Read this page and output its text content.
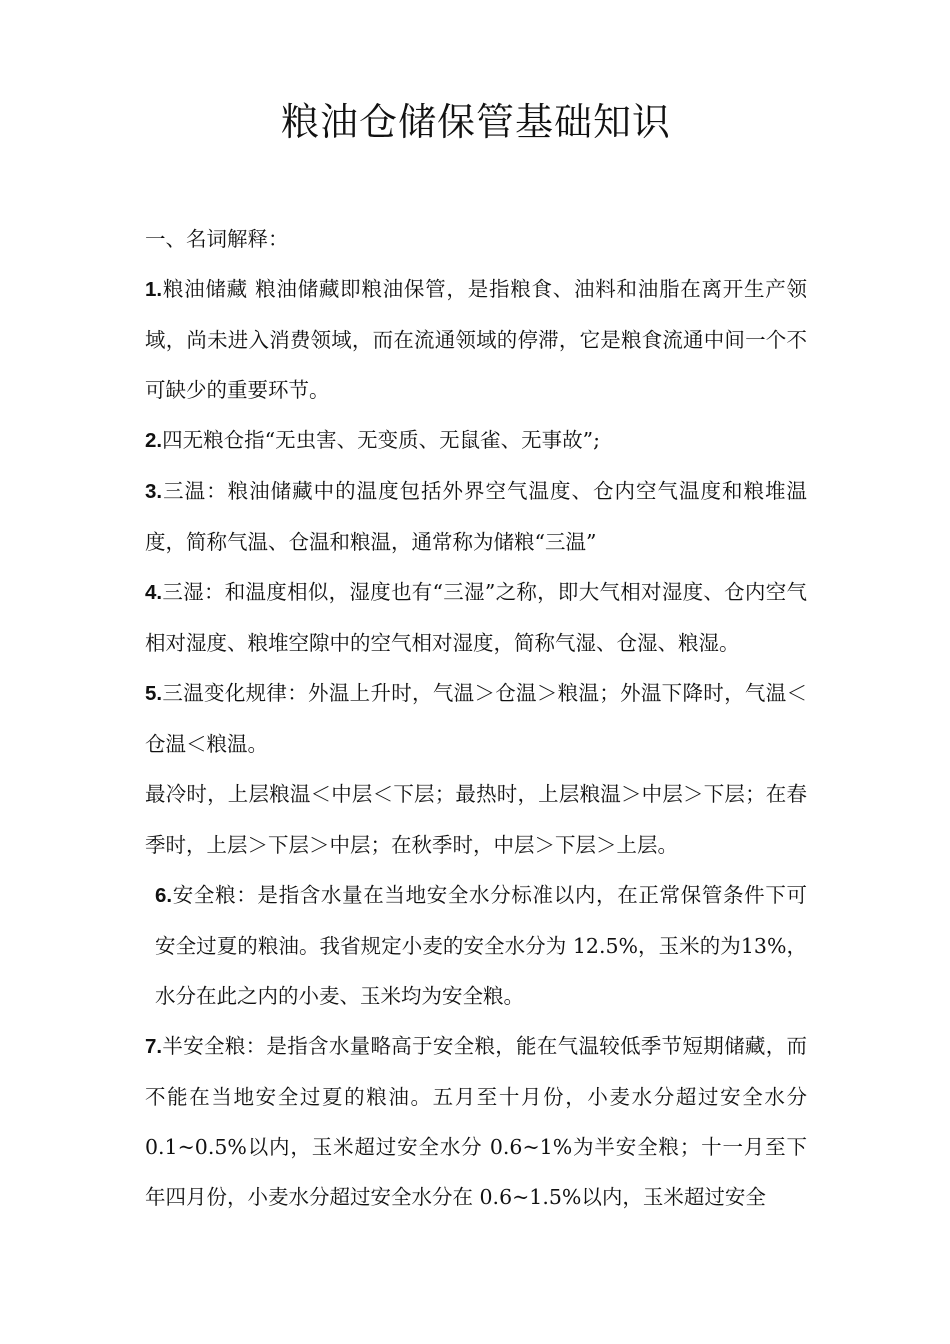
粮油仓储保管基础知识

一、名词解释：

1.粮油储藏 粮油储藏即粮油保管，是指粮食、油料和油脂在离开生产领域，尚未进入消费领域，而在流通领域的停滞，它是粮食流通中间一个不可缺少的重要环节。

2.四无粮仓指“无虫害、无变质、无鼠雀、无事故”;

3.三温：粮油储藏中的温度包括外界空气温度、仓内空气温度和粮堆温度，简称气温、仓温和粮温，通常称为储粮“三温”

4.三湿：和温度相似，湿度也有“三湿”之称，即大气相对湿度、仓内空气相对湿度、粮堆空隙中的空气相对湿度，简称气湿、仓湿、粮湿。

5.三温变化规律：外温上升时，气温＞仓温＞粮温；外温下降时，气温＜仓温＜粮温。

最冷时，上层粮温＜中层＜下层；最热时，上层粮温＞中层＞下层；在春季时，上层＞下层＞中层；在秋季时，中层＞下层＞上层。

6.安全粮：是指含水量在当地安全水分标准以内，在正常保管条件下可安全过夏的粮油。我省规定小麦的安全水分为 12.5%，玉米的为13%，水分在此之内的小麦、玉米均为安全粮。

7.半安全粮：是指含水量略高于安全粮，能在气温较低季节短期储藏，而不能在当地安全过夏的粮油。五月至十月份，小麦水分超过安全水分 0.1~0.5%以内，玉米超过安全水分 0.6~1%为半安全粮；十一月至下年四月份，小麦水分超过安全水分在 0.6~1.5%以内，玉米超过安全
